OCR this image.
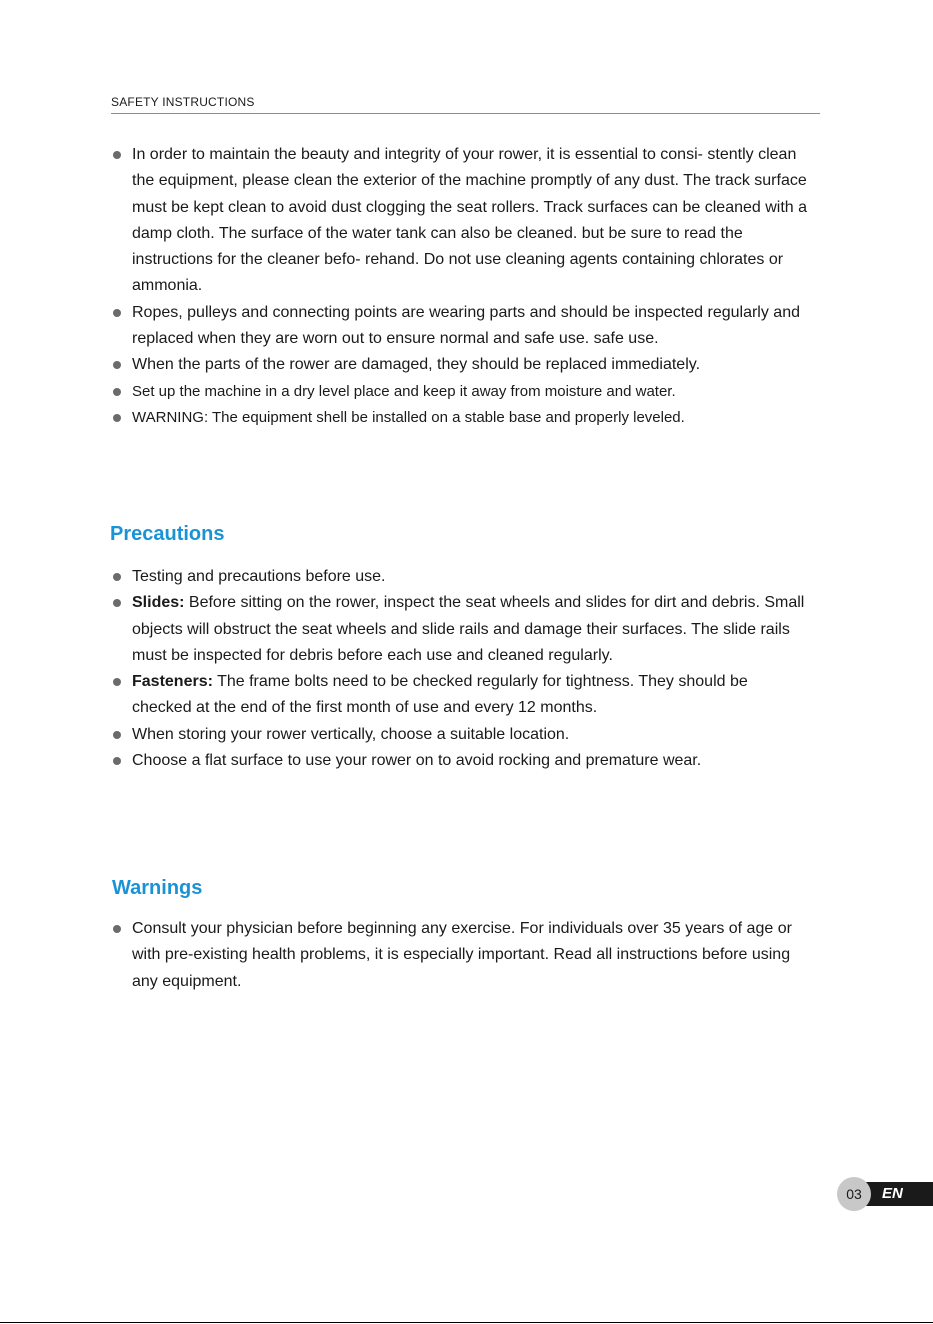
SAFETY INSTRUCTIONS
In order to maintain the beauty and integrity of your rower, it is essential to consi- stently clean the equipment, please clean the exterior of the machine promptly of any dust. The track surface must be kept clean to avoid dust clogging the seat rollers. Track surfaces can be cleaned with a damp cloth. The surface of the water tank can also be cleaned. but be sure to read the instructions for the cleaner befo- rehand. Do not use cleaning agents containing chlorates or ammonia.
Ropes, pulleys and connecting points are wearing parts and should be inspected regularly and replaced when they are worn out to ensure normal and safe use. safe use.
When the parts of the rower are damaged, they should be replaced immediately.
Set up the machine in a dry level place and keep it away from moisture and water.
WARNING: The equipment shell be installed on a stable base and properly leveled.
Precautions
Testing and precautions before use.
Slides: Before sitting on the rower, inspect the seat wheels and slides for dirt and debris. Small objects will obstruct the seat wheels and slide rails and damage their surfaces. The slide rails must be inspected for debris before each use and cleaned regularly.
Fasteners: The frame bolts need to be checked regularly for tightness. They should be checked at the end of the first month of use and every 12 months.
When storing your rower vertically, choose a suitable location.
Choose a flat surface to use your rower on to avoid rocking and premature wear.
Warnings
Consult your physician before beginning any exercise. For individuals over 35 years of age or with pre-existing health problems, it is especially important. Read all instructions before using any equipment.
EN
03
